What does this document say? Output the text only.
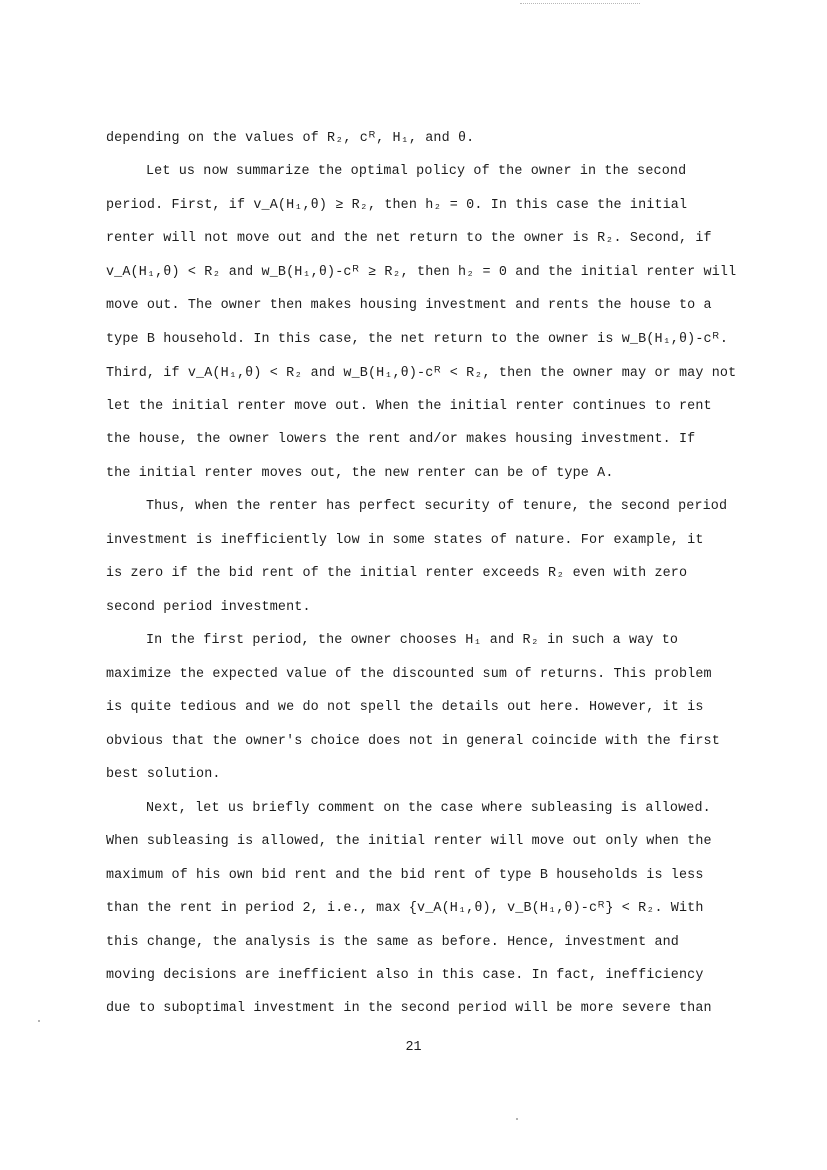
depending on the values of R₂, cᴿ, H₁, and θ.
Let us now summarize the optimal policy of the owner in the second
period. First, if v_A(H₁,θ) ≥ R₂, then h₂ = 0. In this case the initial
renter will not move out and the net return to the owner is R₂. Second, if
v_A(H₁,θ) < R₂ and w_B(H₁,θ)-cᴿ ≥ R₂, then h₂ = 0 and the initial renter will
move out. The owner then makes housing investment and rents the house to a
type B household. In this case, the net return to the owner is w_B(H₁,θ)-cᴿ.
Third, if v_A(H₁,θ) < R₂ and w_B(H₁,θ)-cᴿ < R₂, then the owner may or may not
let the initial renter move out. When the initial renter continues to rent
the house, the owner lowers the rent and/or makes housing investment. If
the initial renter moves out, the new renter can be of type A.
Thus, when the renter has perfect security of tenure, the second period
investment is inefficiently low in some states of nature. For example, it
is zero if the bid rent of the initial renter exceeds R₂ even with zero
second period investment.
In the first period, the owner chooses H₁ and R₂ in such a way to
maximize the expected value of the discounted sum of returns. This problem
is quite tedious and we do not spell the details out here. However, it is
obvious that the owner's choice does not in general coincide with the first
best solution.
Next, let us briefly comment on the case where subleasing is allowed.
When subleasing is allowed, the initial renter will move out only when the
maximum of his own bid rent and the bid rent of type B households is less
than the rent in period 2, i.e., max {v_A(H₁,θ), v_B(H₁,θ)-cᴿ} < R₂. With
this change, the analysis is the same as before. Hence, investment and
moving decisions are inefficient also in this case. In fact, inefficiency
due to suboptimal investment in the second period will be more severe than
21
